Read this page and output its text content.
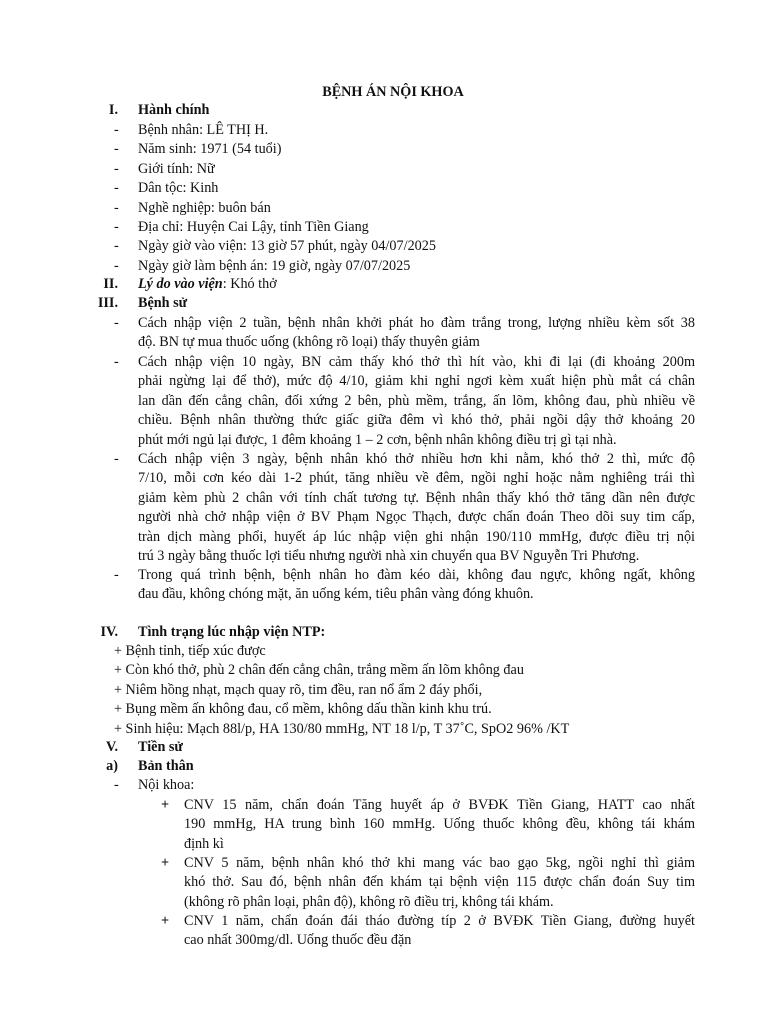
BỆNH ÁN NỘI KHOA
I. Hành chính
- Bệnh nhân: LÊ THỊ H.
- Năm sinh: 1971 (54 tuổi)
- Giới tính: Nữ
- Dân tộc: Kinh
- Nghề nghiệp: buôn bán
- Địa chỉ: Huyện Cai Lậy, tỉnh Tiền Giang
- Ngày giờ vào viện: 13 giờ 57 phút, ngày 04/07/2025
- Ngày giờ làm bệnh án: 19 giờ, ngày 07/07/2025
II. Lý do vào viện: Khó thở
III. Bệnh sử
- Cách nhập viện 2 tuần, bệnh nhân khởi phát ho đàm trắng trong, lượng nhiều kèm sốt 38
độ. BN tự mua thuốc uống (không rõ loại) thấy thuyên giảm
- Cách nhập viện 10 ngày, BN cảm thấy khó thở thì hít vào, khi đi lại (đi khoảng 200m
phải ngừng lại để thở), mức độ 4/10, giảm khi nghỉ ngơi kèm xuất hiện phù mắt cá chân
lan dần đến cẳng chân, đối xứng 2 bên, phù mềm, trắng, ấn lõm, không đau, phù nhiều về
chiều. Bệnh nhân thường thức giấc giữa đêm vì khó thở, phải ngồi dậy thở khoảng 20
phút mới ngủ lại được, 1 đêm khoảng 1 – 2 cơn, bệnh nhân không điều trị gì tại nhà.
- Cách nhập viện 3 ngày, bệnh nhân khó thở nhiều hơn khi nằm, khó thở 2 thì, mức độ
7/10, mỗi cơn kéo dài 1-2 phút, tăng nhiều về đêm, ngồi nghỉ hoặc nằm nghiêng trái thì
giảm kèm phù 2 chân với tính chất tương tự. Bệnh nhân thấy khó thở tăng dần nên được
người nhà chở nhập viện ở BV Phạm Ngọc Thạch, được chẩn đoán Theo dõi suy tim cấp,
tràn dịch màng phổi, huyết áp lúc nhập viện ghi nhận 190/110 mmHg, được điều trị nội
trú 3 ngày bằng thuốc lợi tiểu nhưng người nhà xin chuyển qua BV Nguyễn Tri Phương.
- Trong quá trình bệnh, bệnh nhân ho đàm kéo dài, không đau ngực, không ngất, không
đau đầu, không chóng mặt, ăn uống kém, tiêu phân vàng đóng khuôn.
IV. Tình trạng lúc nhập viện NTP:
+ Bệnh tỉnh, tiếp xúc được
+ Còn khó thở, phù 2 chân đến cẳng chân, trắng mềm ấn lõm không đau
+ Niêm hồng nhạt, mạch quay rõ, tim đều, ran nổ ẩm 2 đáy phổi,
+ Bụng mềm ấn không đau, cổ mềm, không dấu thần kinh khu trú.
+ Sinh hiệu: Mạch 88l/p, HA 130/80 mmHg, NT 18 l/p, T 37˚C, SpO2 96% /KT
V. Tiền sử
a) Bản thân
- Nội khoa:
+ CNV 15 năm, chẩn đoán Tăng huyết áp ở BVĐK Tiền Giang, HATT cao nhất
190 mmHg, HA trung bình 160 mmHg. Uống thuốc không đều, không tái khám
định kì
+ CNV 5 năm, bệnh nhân khó thở khi mang vác bao gạo 5kg, ngồi nghỉ thì giảm
khó thở. Sau đó, bệnh nhân đến khám tại bệnh viện 115 được chẩn đoán Suy tim
(không rõ phân loại, phân độ), không rõ điều trị, không tái khám.
+ CNV 1 năm, chẩn đoán đái tháo đường típ 2 ở BVĐK Tiền Giang, đường huyết
cao nhất 300mg/dl. Uống thuốc đều đặn
